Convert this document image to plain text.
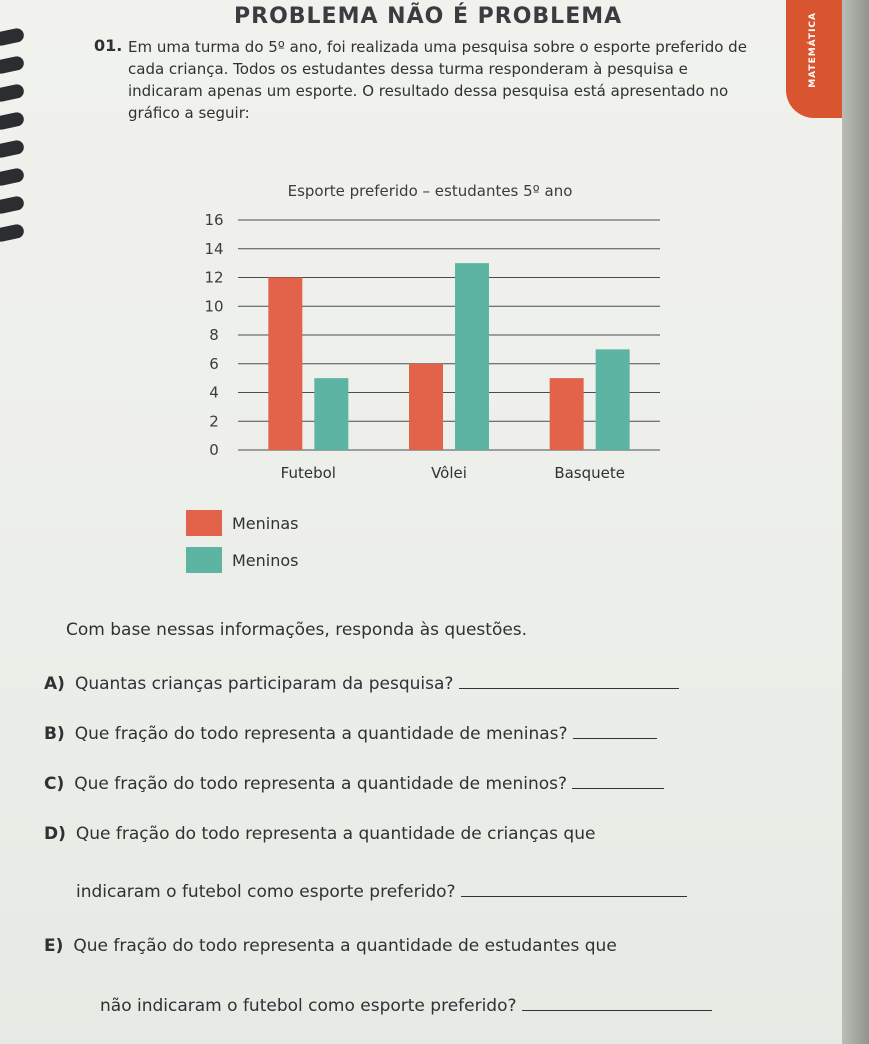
MATEMÁTICA
PROBLEMA NÃO É PROBLEMA
01. Em uma turma do 5º ano, foi realizada uma pesquisa sobre o esporte preferido de cada criança. Todos os estudantes dessa turma responderam à pesquisa e indicaram apenas um esporte. O resultado dessa pesquisa está apresentado no gráfico a seguir:
Esporte preferido – estudantes 5º ano
0
2
4
6
8
10
12
14
16
Futebol	Vôlei	Basquete
Meninas
Meninos
Com base nessas informações, responda às questões.
A) Quantas crianças participaram da pesquisa?
B) Que fração do todo representa a quantidade de meninas?
C) Que fração do todo representa a quantidade de meninos?
D) Que fração do todo representa a quantidade de crianças que
indicaram o futebol como esporte preferido?
E) Que fração do todo representa a quantidade de estudantes que
não indicaram o futebol como esporte preferido?
